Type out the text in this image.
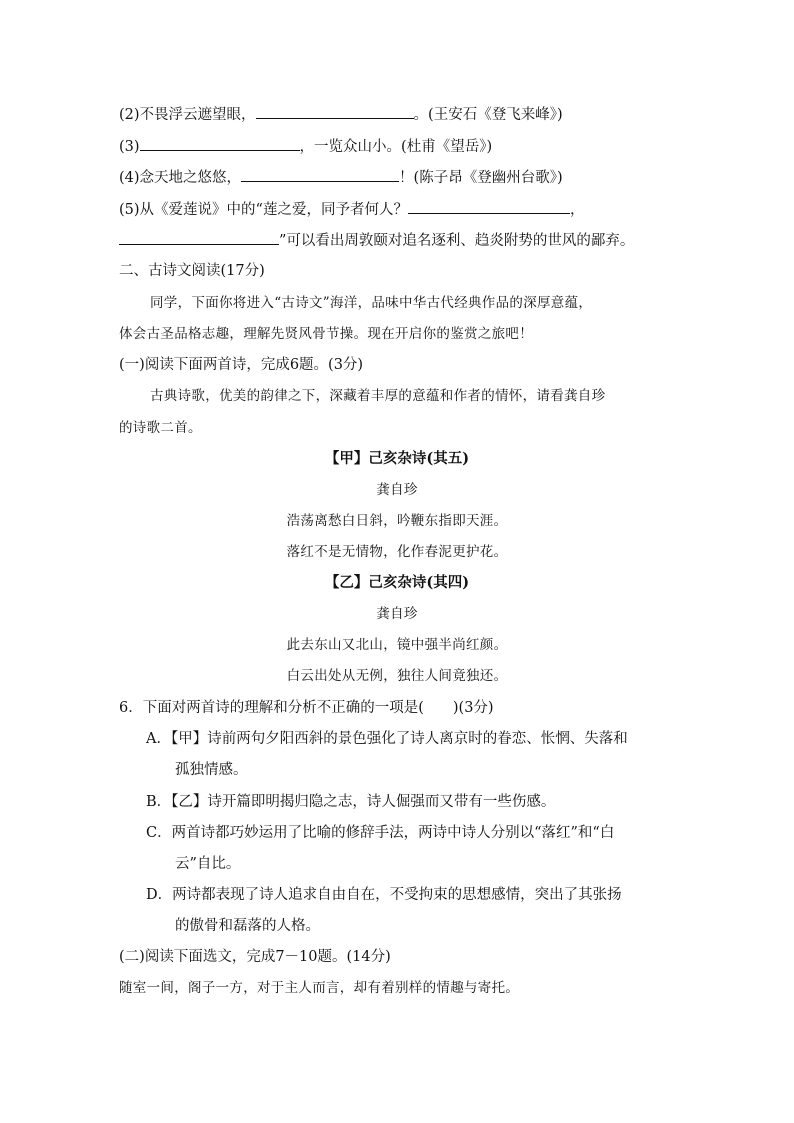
(2)不畏浮云遮望眼，	。(王安石《登飞来峰》)
(3)	，一览众山小。(杜甫《望岳》)
(4)念天地之悠悠，	！(陈子昂《登幽州台歌》)
(5)从《爱莲说》中的“莲之爱，同予者何人？	，
”可以看出周敦颐对追名逐利、趋炎附势的世风的鄙弃。
二、古诗文阅读(17分)
同学，下面你将进入“古诗文”海洋，品味中华古代经典作品的深厚意蕴，
体会古圣品格志趣，理解先贤风骨节操。现在开启你的鉴赏之旅吧！
(一)阅读下面两首诗，完成6题。(3分)
古典诗歌，优美的韵律之下，深藏着丰厚的意蕴和作者的情怀，请看龚自珍
的诗歌二首。
【甲】己亥杂诗(其五)
龚自珍
浩荡离愁白日斜，吟鞭东指即天涯。
落红不是无情物，化作春泥更护花。
【乙】己亥杂诗(其四)
龚自珍
此去东山又北山，镜中强半尚红颜。
白云出处从无例，独往人间竟独还。
6．下面对两首诗的理解和分析不正确的一项是(　　)(3分)
A．【甲】诗前两句夕阳西斜的景色强化了诗人离京时的眷恋、怅惘、失落和
孤独情感。
B．【乙】诗开篇即明揭归隐之志，诗人倔强而又带有一些伤感。
C．两首诗都巧妙运用了比喻的修辞手法，两诗中诗人分别以“落红”和“白
云”自比。
D．两诗都表现了诗人追求自由自在，不受拘束的思想感情，突出了其张扬
的傲骨和磊落的人格。
(二)阅读下面选文，完成7－10题。(14分)
随室一间，阁子一方，对于主人而言，却有着别样的情趣与寄托。
